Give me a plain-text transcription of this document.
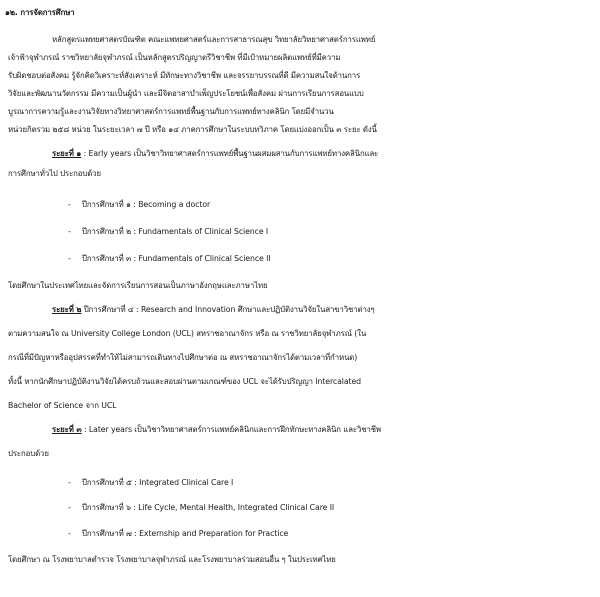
๑๒. การจัดการศึกษา
หลักสูตรแพทยศาสตรบัณฑิต คณะแพทยศาสตร์และการสาธารณสุข วิทยาลัยวิทยาศาสตร์การแพทย์
เจ้าฟ้าจุฬาภรณ์ ราชวิทยาลัยจุฬาภรณ์ เป็นหลักสูตรปริญญาตรีวิชาชีพ ที่มีเป้าหมายผลิตแพทย์ที่มีความ
รับผิดชอบต่อสังคม รู้จักคิดวิเคราะห์สังเคราะห์ มีทักษะทางวิชาชีพ และจรรยาบรรณที่ดี มีความสนใจด้านการ
วิจัยและพัฒนานวัตกรรม มีความเป็นผู้นำ และมีจิตอาสาบำเพ็ญประโยชน์เพื่อสังคม ผ่านการเรียนการสอนแบบ
บูรณาการความรู้และงานวิจัยทางวิทยาศาสตร์การแพทย์พื้นฐานกับการแพทย์ทางคลินิก โดยมีจำนวน
หน่วยกิตรวม ๒๕๘ หน่วย ในระยะเวลา ๗ ปี หรือ ๑๔ ภาคการศึกษาในระบบทวิภาค โดยแบ่งออกเป็น ๓ ระยะ ดังนี้
ระยะที่ ๑ : Early years เป็นวิชาวิทยาศาสตร์การแพทย์พื้นฐานผสมผสานกับการแพทย์ทางคลินิกและ
การศึกษาทั่วไป ประกอบด้วย
- ปีการศึกษาที่ ๑ : Becoming a doctor
- ปีการศึกษาที่ ๒ : Fundamentals of Clinical Science I
- ปีการศึกษาที่ ๓ : Fundamentals of Clinical Science II
โดยศึกษาในประเทศไทยและจัดการเรียนการสอนเป็นภาษาอังกฤษและภาษาไทย
ระยะที่ ๒ ปีการศึกษาที่ ๔ : Research and Innovation ศึกษาและปฏิบัติงานวิจัยในสาขาวิชาต่างๆ
ตามความสนใจ ณ University College London (UCL) สหราชอาณาจักร หรือ ณ ราชวิทยาลัยจุฬาภรณ์ (ใน
กรณีที่มีปัญหาหรืออุปสรรคที่ทำให้ไม่สามารถเดินทางไปศึกษาต่อ ณ สหราชอาณาจักรได้ตามเวลาที่กำหนด)
ทั้งนี้ หากนักศึกษาปฏิบัติงานวิจัยได้ครบถ้วนและสอบผ่านตามเกณฑ์ของ UCL จะได้รับปริญญา Intercalated
Bachelor of Science จาก UCL
ระยะที่ ๓ : Later years เป็นวิชาวิทยาศาสตร์การแพทย์คลินิกและการฝึกทักษะทางคลินิก และวิชาชีพ
ประกอบด้วย
- ปีการศึกษาที่ ๕ : Integrated Clinical Care I
- ปีการศึกษาที่ ๖ : Life Cycle, Mental Health, Integrated Clinical Care II
- ปีการศึกษาที่ ๗ : Externship and Preparation for Practice
โดยศึกษา ณ โรงพยาบาลตำรวจ โรงพยาบาลจุฬาภรณ์ และโรงพยาบาลร่วมสอนอื่น ๆ ในประเทศไทย
